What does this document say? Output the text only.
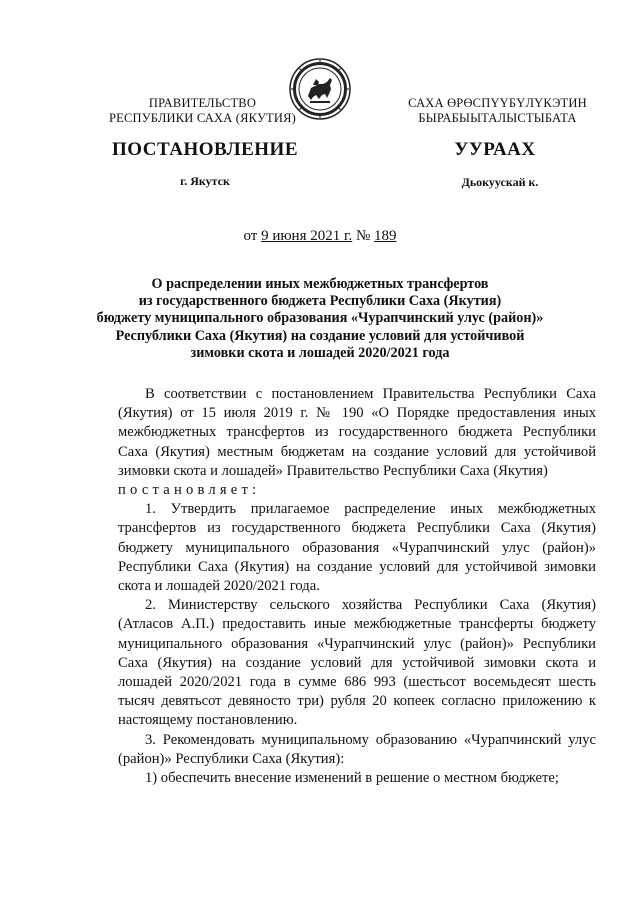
ПРАВИТЕЛЬСТВО
РЕСПУБЛИКИ САХА (ЯКУТИЯ)
САХА ӨРӨСПҮҮБҮЛҮКЭТИН
БЫРАБЫЫТАЛЫСТЫБАТА
ПОСТАНОВЛЕНИЕ	УУРААХ
г. Якутск	Дьокуускай к.
от 9 июня 2021 г. № 189
О распределении иных межбюджетных трансфертов
из государственного бюджета Республики Саха (Якутия)
бюджету муниципального образования «Чурапчинский улус (район)»
Республики Саха (Якутия) на создание условий для устойчивой
зимовки скота и лошадей 2020/2021 года

В соответствии с постановлением Правительства Республики Саха (Якутия) от 15 июля 2019 г. № 190 «О Порядке предоставления иных межбюджетных трансфертов из государственного бюджета Республики Саха (Якутия) местным бюджетам на создание условий для устойчивой зимовки скота и лошадей» Правительство Республики Саха (Якутия)

постановляет:

1. Утвердить прилагаемое распределение иных межбюджетных трансфертов из государственного бюджета Республики Саха (Якутия) бюджету муниципального образования «Чурапчинский улус (район)» Республики Саха (Якутия) на создание условий для устойчивой зимовки скота и лошадей 2020/2021 года.

2. Министерству сельского хозяйства Республики Саха (Якутия) (Атласов А.П.) предоставить иные межбюджетные трансферты бюджету муниципального образования «Чурапчинский улус (район)» Республики Саха (Якутия) на создание условий для устойчивой зимовки скота и лошадей 2020/2021 года в сумме 686 993 (шестьсот восемьдесят шесть тысяч девятьсот девяносто три) рубля 20 копеек согласно приложению к настоящему постановлению.

3. Рекомендовать муниципальному образованию «Чурапчинский улус (район)» Республики Саха (Якутия):

1) обеспечить внесение изменений в решение о местном бюджете;
